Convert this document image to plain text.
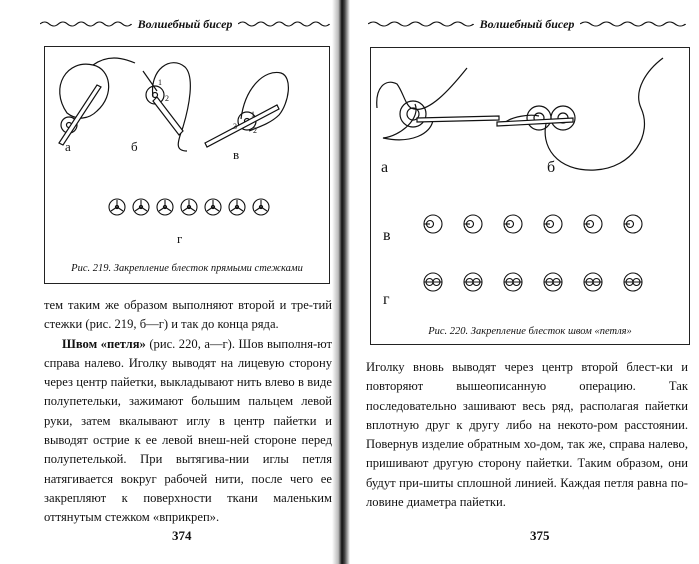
Волшебный бисер
а
1
2
б
1
2
3
в
г
Рис. 219. Закрепление блесток прямыми стежками

тем таким же образом выполняют второй и тре-тий стежки (рис. 219, б—г) и так до конца ряда.

Швом «петля» (рис. 220, а—г). Шов выполня-ют справа налево. Иголку выводят на лицевую сторону через центр пайетки, выкладывают нить влево в виде полупетельки, зажимают большим пальцем левой руки, затем вкалывают иглу в центр пайетки и выводят острие к ее левой внеш-ней стороне перед полупетелькой. При вытягива-нии иглы петля натягивается вокруг рабочей нити, после чего ее закрепляют к поверхности ткани маленьким оттянутым стежком «вприкреп».

374
Волшебный бисер
а	б
в
г
Рис. 220. Закрепление блесток швом «петля»

Иголку вновь выводят через центр второй блест-ки и повторяют вышеописанную операцию. Так последовательно зашивают весь ряд, располагая пайетки вплотную друг к другу либо на некото-ром расстоянии. Повернув изделие обратным хо-дом, так же, справа налево, пришивают другую сторону пайетки. Таким образом, они будут при-шиты сплошной линией. Каждая петля равна по-ловине диаметра пайетки.

375
